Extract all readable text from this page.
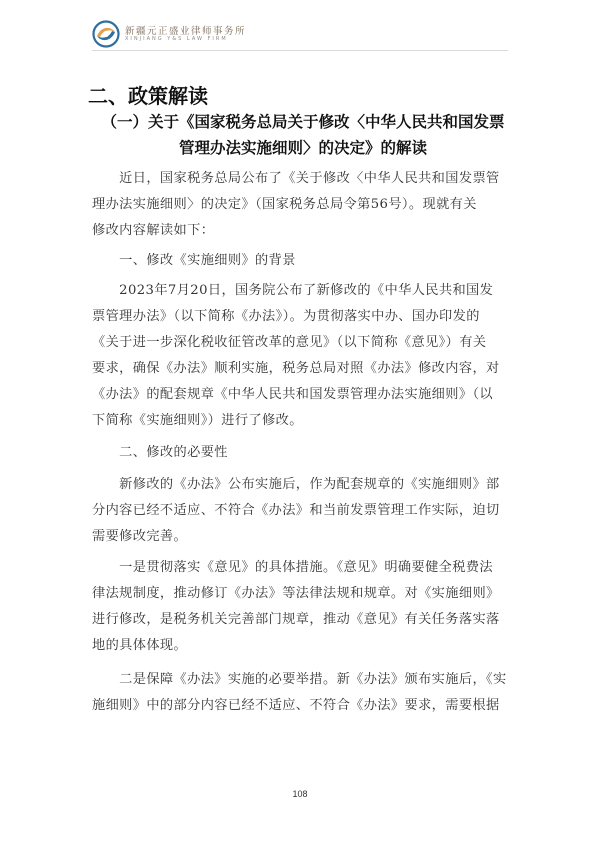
新疆元正盛业律师事务所
XINJIANG Y&S LAW FIRM
二、政策解读
（一）关于《国家税务总局关于修改〈中华人民共和国发票
管理办法实施细则〉的决定》的解读
　　近日，国家税务总局公布了《关于修改〈中华人民共和国发票管
理办法实施细则〉的决定》（国家税务总局令第56号）。现就有关
修改内容解读如下：
　　一、修改《实施细则》的背景
　　2023年7月20日，国务院公布了新修改的《中华人民共和国发
票管理办法》（以下简称《办法》）。为贯彻落实中办、国办印发的
《关于进一步深化税收征管改革的意见》（以下简称《意见》）有关
要求，确保《办法》顺利实施，税务总局对照《办法》修改内容，对
《办法》的配套规章《中华人民共和国发票管理办法实施细则》（以
下简称《实施细则》）进行了修改。
　　二、修改的必要性
　　新修改的《办法》公布实施后，作为配套规章的《实施细则》部
分内容已经不适应、不符合《办法》和当前发票管理工作实际，迫切
需要修改完善。
　　一是贯彻落实《意见》的具体措施。《意见》明确要健全税费法
律法规制度，推动修订《办法》等法律法规和规章。对《实施细则》
进行修改，是税务机关完善部门规章，推动《意见》有关任务落实落
地的具体体现。
　　二是保障《办法》实施的必要举措。新《办法》颁布实施后，《实
施细则》中的部分内容已经不适应、不符合《办法》要求，需要根据
108
